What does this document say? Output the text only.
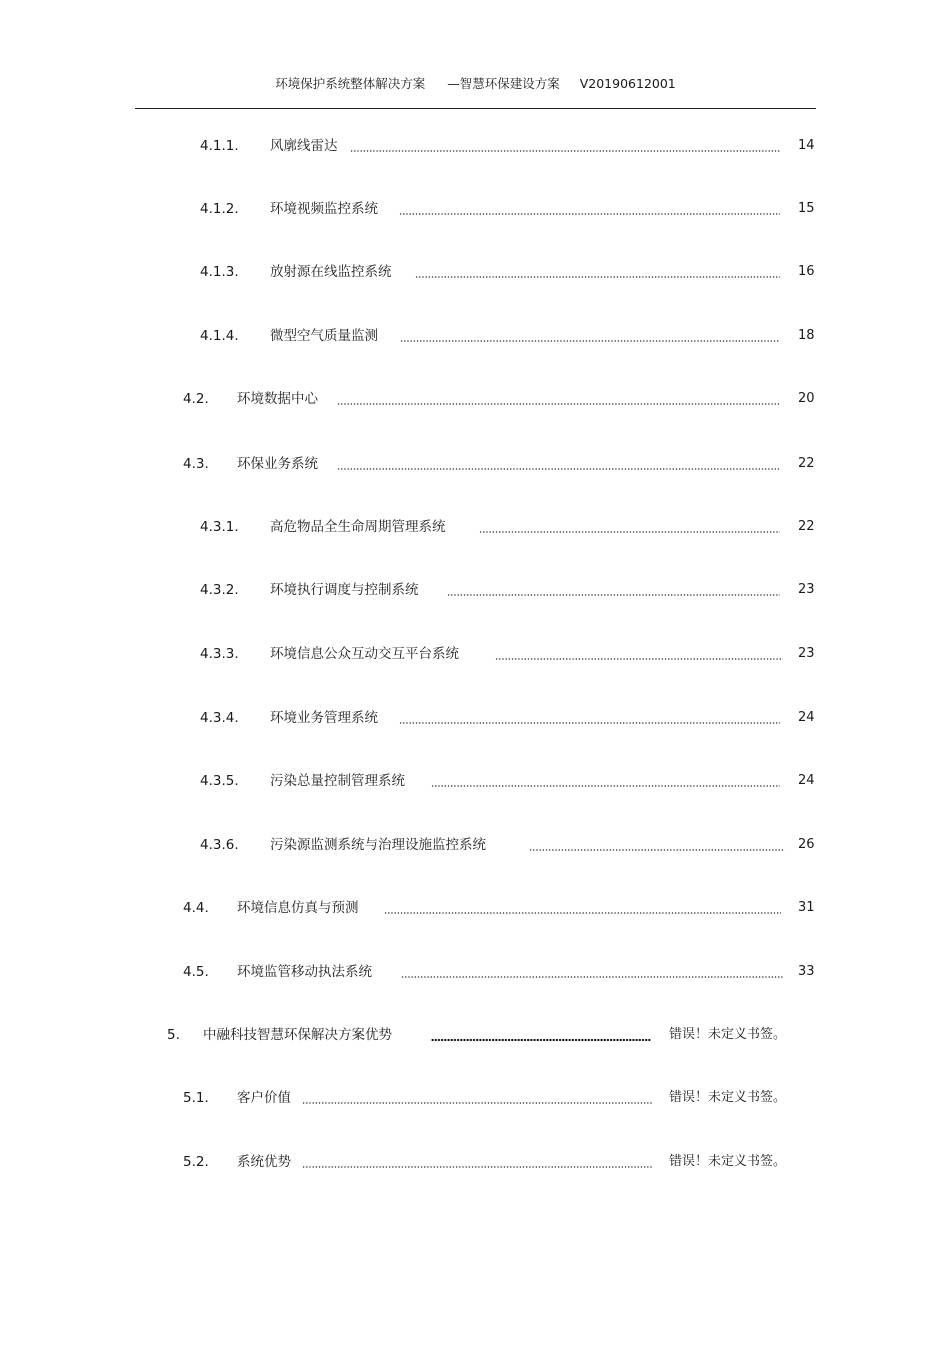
环境保护系统整体解决方案 —智慧环保建设方案 V20190612001
4.1.1. 风廓线雷达	14
4.1.2. 环境视频监控系统	15
4.1.3. 放射源在线监控系统	16
4.1.4. 微型空气质量监测	18
4.2. 环境数据中心	20
4.3. 环保业务系统	22
4.3.1. 高危物品全生命周期管理系统	22
4.3.2. 环境执行调度与控制系统	23
4.3.3. 环境信息公众互动交互平台系统	23
4.3.4. 环境业务管理系统	24
4.3.5. 污染总量控制管理系统	24
4.3.6. 污染源监测系统与治理设施监控系统	26
4.4. 环境信息仿真与预测	31
4.5. 环境监管移动执法系统	33
5. 中融科技智慧环保解决方案优势	错误！未定义书签。
5.1. 客户价值	错误！未定义书签。
5.2. 系统优势	错误！未定义书签。
